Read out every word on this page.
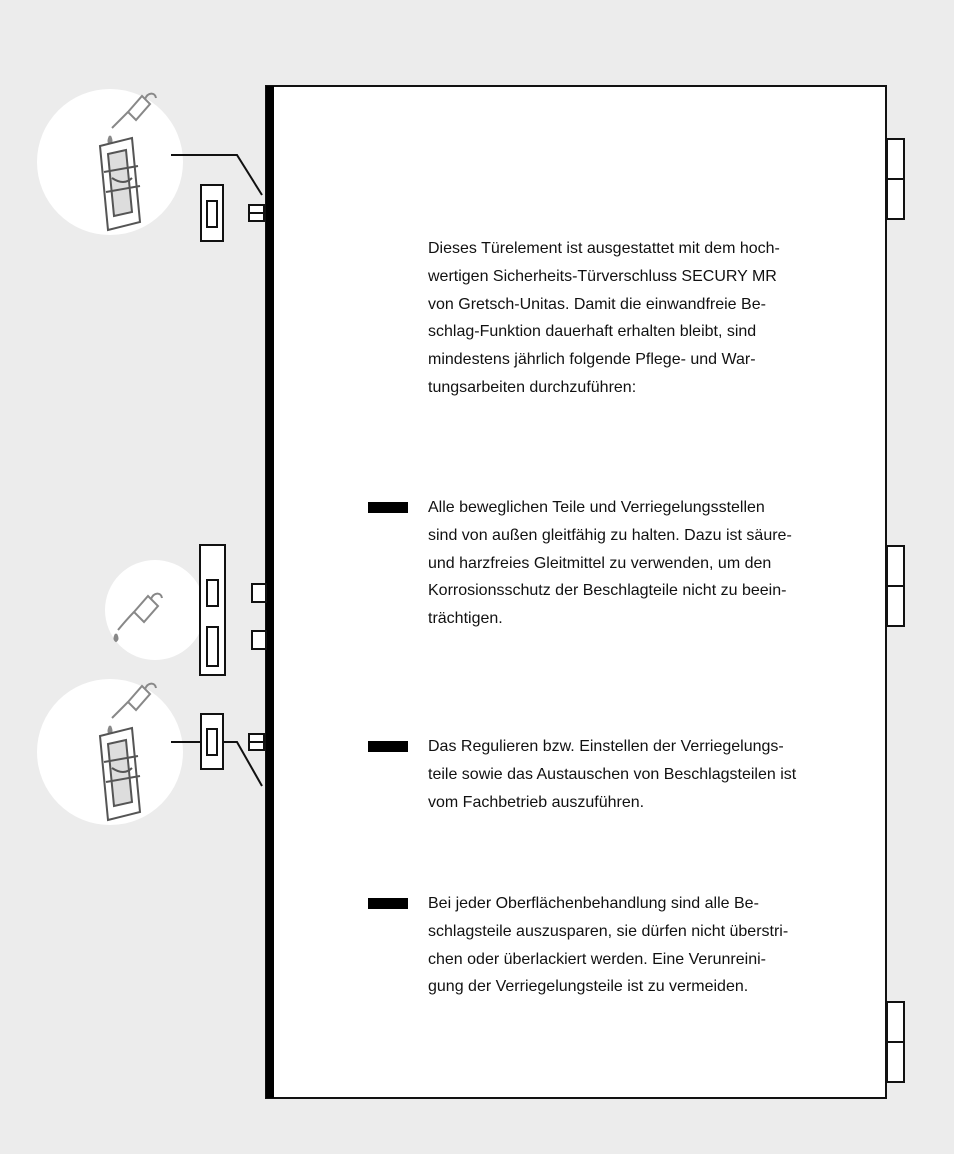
Dieses Türelement ist ausgestattet mit dem hoch-
wertigen Sicherheits-Türverschluss SECURY MR
von Gretsch-Unitas. Damit die einwandfreie Be-
schlag-Funktion dauerhaft erhalten bleibt, sind
mindestens jährlich folgende Pflege- und War-
tungsarbeiten durchzuführen:
Alle beweglichen Teile und Verriegelungsstellen
sind von außen gleitfähig zu halten. Dazu ist säure-
und harzfreies Gleitmittel zu verwenden, um den
Korrosionsschutz der Beschlagteile nicht zu beein-
trächtigen.
Das Regulieren bzw. Einstellen der Verriegelungs-
teile sowie das Austauschen von Beschlagsteilen ist
vom Fachbetrieb auszuführen.
Bei jeder Oberflächenbehandlung sind alle Be-
schlagsteile auszusparen, sie dürfen nicht überstri-
chen oder überlackiert werden. Eine Verunreini-
gung der Verriegelungsteile ist zu vermeiden.
